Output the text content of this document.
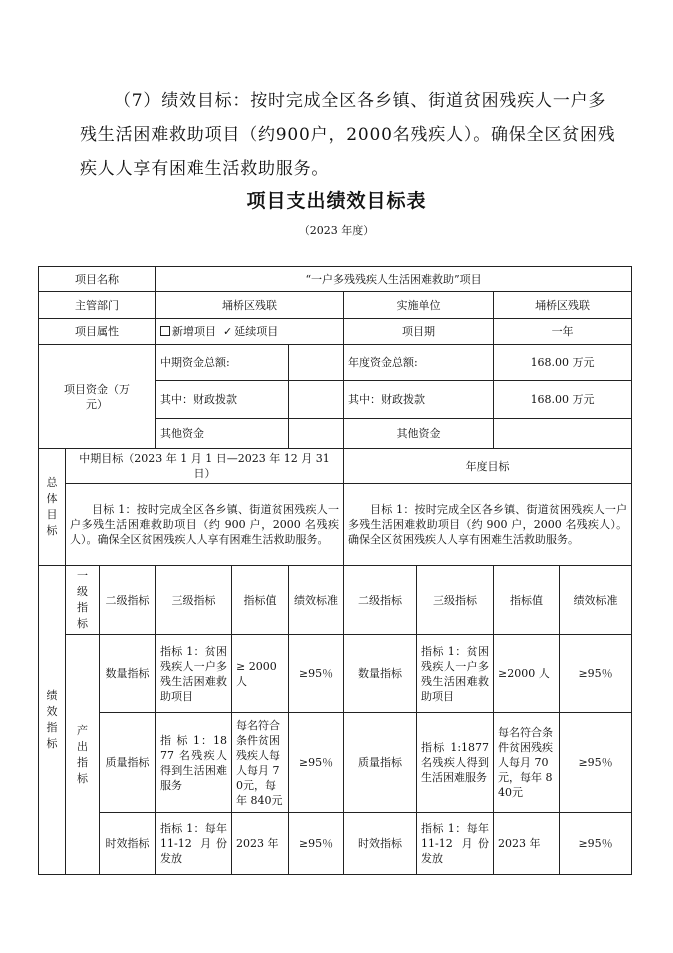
（7）绩效目标：按时完成全区各乡镇、街道贫困残疾人一户多残生活困难救助项目（约900户，2000名残疾人）。确保全区贫困残疾人人享有困难生活救助服务。

项目支出绩效目标表
（2023 年度）
项目名称			“一户多残残疾人生活困难救助”项目						
主管部门			埇桥区残联			实施单位		埇桥区残联	
项目属性			新增项目 ✓ 延续项目			项目期		一年	

项目资金（万元）			中期资金总额:			年度资金总额:		168.00 万元	
			其中：财政拨款			其中：财政拨款		168.00 万元	
			其他资金			其他资金			

总体目标	中期目标（2023 年 1 月 1 日—2023 年 12 月 31 日）					年度目标			
	目标 1：按时完成全区各乡镇、街道贫困残疾人一户多残生活困难救助项目（约 900 户，2000 名残疾人）。确保全区贫困残疾人人享有困难生活救助服务。					目标 1：按时完成全区各乡镇、街道贫困残疾人一户多残生活困难救助项目（约 900 户，2000 名残疾人）。确保全区贫困残疾人人享有困难生活救助服务。			

绩效指标	一级指标	二级指标	三级指标	指标值	绩效标准	二级指标	三级指标	指标值	绩效标准

	产出指标	数量指标	指标 1：贫困残疾人一户多残生活困难救助项目	≥ 2000 人	≥95％	数量指标	指标 1：贫困残疾人一户多残生活困难救助项目	≥2000 人	≥95％
		质量指标	指 标 1：1877 名残疾人得到生活困难服务	每名符合条件贫困残疾人每人每月 70元，每年 840元	≥95％	质量指标	指标 1:1877 名残疾人得到生活困难服务	每名符合条件贫困残疾人每月 70 元，每年 840元	≥95％
		时效指标	指标 1：每年 11-12 月份发放	2023 年	≥95％	时效指标	指标 1：每年 11-12 月份发放	2023 年	≥95％
